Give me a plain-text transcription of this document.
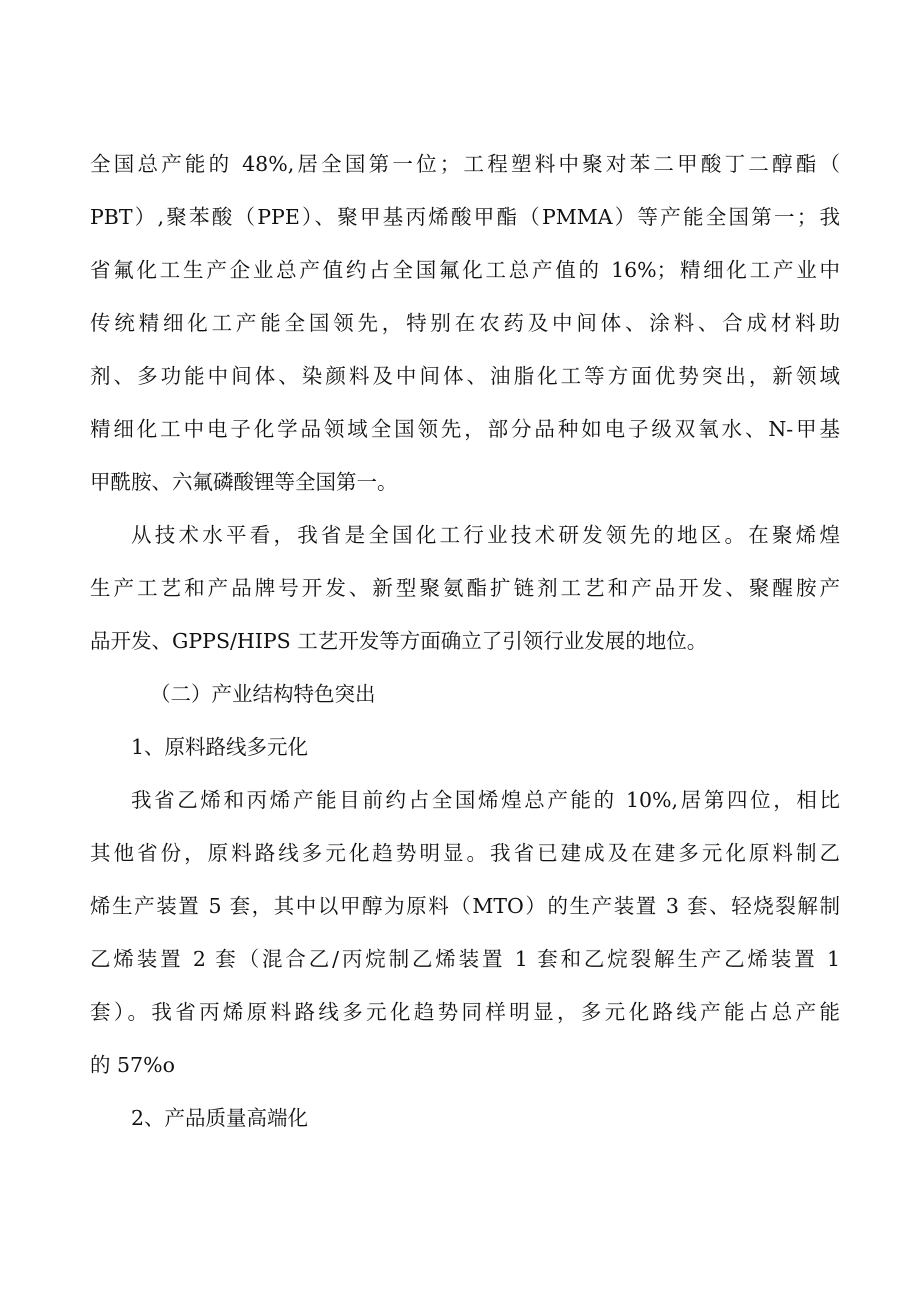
全国总产能的 48%,居全国第一位；工程塑料中聚对苯二甲酸丁二醇酯（
PBT）,聚苯酸（PPE）、聚甲基丙烯酸甲酯（PMMA）等产能全国第一；我
省氟化工生产企业总产值约占全国氟化工总产值的 16%；精细化工产业中
传统精细化工产能全国领先，特别在农药及中间体、涂料、合成材料助
剂、多功能中间体、染颜料及中间体、油脂化工等方面优势突出，新领域
精细化工中电子化学品领域全国领先，部分品种如电子级双氧水、N-甲基
甲酰胺、六氟磷酸锂等全国第一。
从技术水平看，我省是全国化工行业技术研发领先的地区。在聚烯煌
生产工艺和产品牌号开发、新型聚氨酯扩链剂工艺和产品开发、聚醒胺产
品开发、GPPS/HIPS 工艺开发等方面确立了引领行业发展的地位。
（二）产业结构特色突出
1、原料路线多元化
我省乙烯和丙烯产能目前约占全国烯煌总产能的 10%,居第四位，相比
其他省份，原料路线多元化趋势明显。我省已建成及在建多元化原料制乙
烯生产装置 5 套，其中以甲醇为原料（MTO）的生产装置 3 套、轻烧裂解制
乙烯装置 2 套（混合乙/丙烷制乙烯装置 1 套和乙烷裂解生产乙烯装置 1
套）。我省丙烯原料路线多元化趋势同样明显，多元化路线产能占总产能
的 57%o
2、产品质量高端化
